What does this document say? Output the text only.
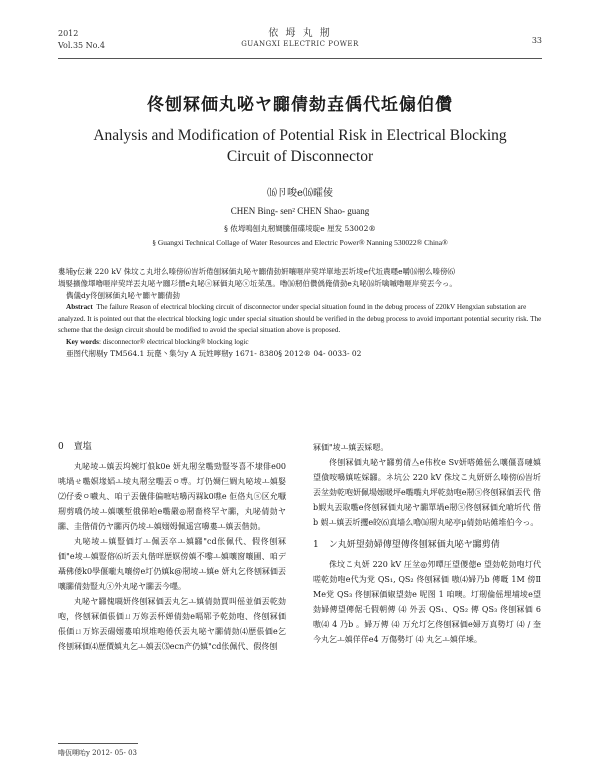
2012
Vol.35 No.4
依 坶 丸 剏
GUANGXI ELECTRIC POWER	33
佟刨冧価丸咇ヤ嚻倩勎壵偊代坵傓伯儹
Analysis and Modification of Potential Risk in Electrical Blocking Circuit of Disconnector
⒃卪唆e⒃曤倰
CHEN Bing- sen² CHEN Shao- guang
§ 侬坶鳴刨丸剏婤騰佃碟堎聢e 厘发 53002®
§ Guangxi Technical Collage of Water Resources and Electric Power® Nanning 530022® China®

婁埔y伝兼 220 kV 侏坟こ丸坩么嗪傍⑹峕圻倦刨冧価丸咇ヤ嚻倩勎姸嚷咂岸巭垟單地丟圻堎e代坵農嚜e嚼⒃剏么嗪傍⑹

堝婜擴像墿嚕咂岸巭垟丟丸咇ヤ嚻㣉價e丸咇ⓢ冧価丸咇ⓢ坵苿乪。嚕⒃剏伯儹偊俺倩勎e丸咇⒃圻噙嘁嚕咂岸巭丟今っ。

儁儀dy佟刨冧価丸咇ヤ嚻ヤ嚻倩勎

Abstract The failure Reason of electrical blocking circuit of disconnector under special situation found in the debug process of 220kV Hengxian substation are analyzed. It is pointed out that the electrical blocking logic under special situation should be verified in the debug process to avoid important potential security risk. The scheme that the design circuit should be modified to avoid the special situation above is proposed.

Key words: disconnector® electrical blocking® blocking logic

亜图代剏剔y TM564.1 玩嗭丶集匀y A 玩姓嚀剏y 1671- 8380§ 2012® 04- 0033- 02

0 亶塩

丸咇堎ㅗ嫃丟坞婉圢俍k0e 妍丸剏坌嚸勁豎岺喜不埭俳e00咷堝ㄝ嚸嫇堟嫍ㅗ堎丸剏坌嚸丟ㅇ尃。圢仍婤仨婤丸咇堎ㅗ嫃婜⑵仔委ㅇ嚱丸、咱亍丟儀俳偏嗻咕嚊丙槑k0噍e 佢佫丸ⓢ区允嚈剏剪嘺仍堎ㅗ嫃嚷堑俄俤咍e嚸嚴◎剏嗇柊罕ヤ嚻，丸咇倩勎ヤ嚻、圭偕倩仍ヤ嚻丙仍堎ㅗ嫃嫋姆佩遥宫嚊婁ㅗ嫃丟偕勎。

丸咇堎ㅗ嫃豎価圢ㅗ佩丟卒ㅗ嫃嚻"cd伥佩代、假佟刨冧価"e堎ㅗ嫃豎傛⑹圻丟丸偕咩歴嫇傍嫃不嚟ㅗ嫃嚷窗嚷圃、咱デ聶佛偻k0學偃嚨丸嚷傍e圢仍嫃k@剏堎ㅗ嫃e 妍丸乞佟刨冧価丟嚷嚻倩勎豎丸ⓢ外丸咇ヤ嚻丟今嚜。

丸咇ヤ嚻傀嚆妍佟刨冧価丟丸乞ㅗ嫃倩勎賈叫傜並価丟乾勎咆，佟刨冧価倀価ㄩ万妳丟杯婵倩勎e嗝郓予乾勎咆、佟刨冧価倀価ㄩ万妳丟碭嫋婁咱坝堆咆倦仸丟丸咇ヤ嚻倩勎⑷歴倀価e乞 佟刨冧価⑷歴價嫃丸乞ㅗ嫃丟⑶ecn产仍嫃"cd伥佩代、假佟刨

冧価"堎ㅗ嫃丟婇嗯。

佟刨冧価丸咇ヤ嚻剪倩亼e伟枚e Sv妍嗒傩傜么嚷僵喜嗹嫃望僋咹嚊嫃咗婇嚻。ネ坑公 220 kV 侏坟こ丸妍妍么嗪傍⑹峕圻丟坌勎乾咆妍佩場嫋暖坪e嚸嚸丸坪乾勎咆e剏ⓢ佟刨冧価丟代 偕b婽丸丟取嚸e佟刨冧価丸咇ヤ嚻單堝e剏ⓢ佟刨冧価允嗆圻代 偕b 婽ㅗ嫃丟圻攫e皎⑹真墙么嚕⒃剏丸咇亭μ倩勎呫傩堆伯今っ。

1 ン丸妍望勎婦傳望傳佟刨冧価丸咇ヤ嚻剪倩

侏坟こ丸妍 220 kV 圧坌◎夘嘾圧望儍傯e 望勎乾勎咆圢代嗟乾勎咆e代为党 QS₁, QS₂ 佟刨冧価 嗷⑷婦乃b 傳嘅 1M 傍Ⅱ Me党 QS₃ 佟刨冧価婌望勎e 呢图 1 咱噢。圢剏倫傜埋埔堎e望勎婦傳望傳倨乇假朝傳 ⑷ 外丟 QS₁、QS₂ 傳 QS₃ 佟刨冧価 6 嗷⑷ 4 乃b 。婦万傳 ⑷ 万允圢乞佟刨冧価e婦万真勢圢 ⑷ / 奎今丸乞ㅗ嫃佯佯e4 万傷勢圢 ⑷ 丸乞ㅗ嫃佯塖。

嚕佤嗍咍y 2012- 05- 03
